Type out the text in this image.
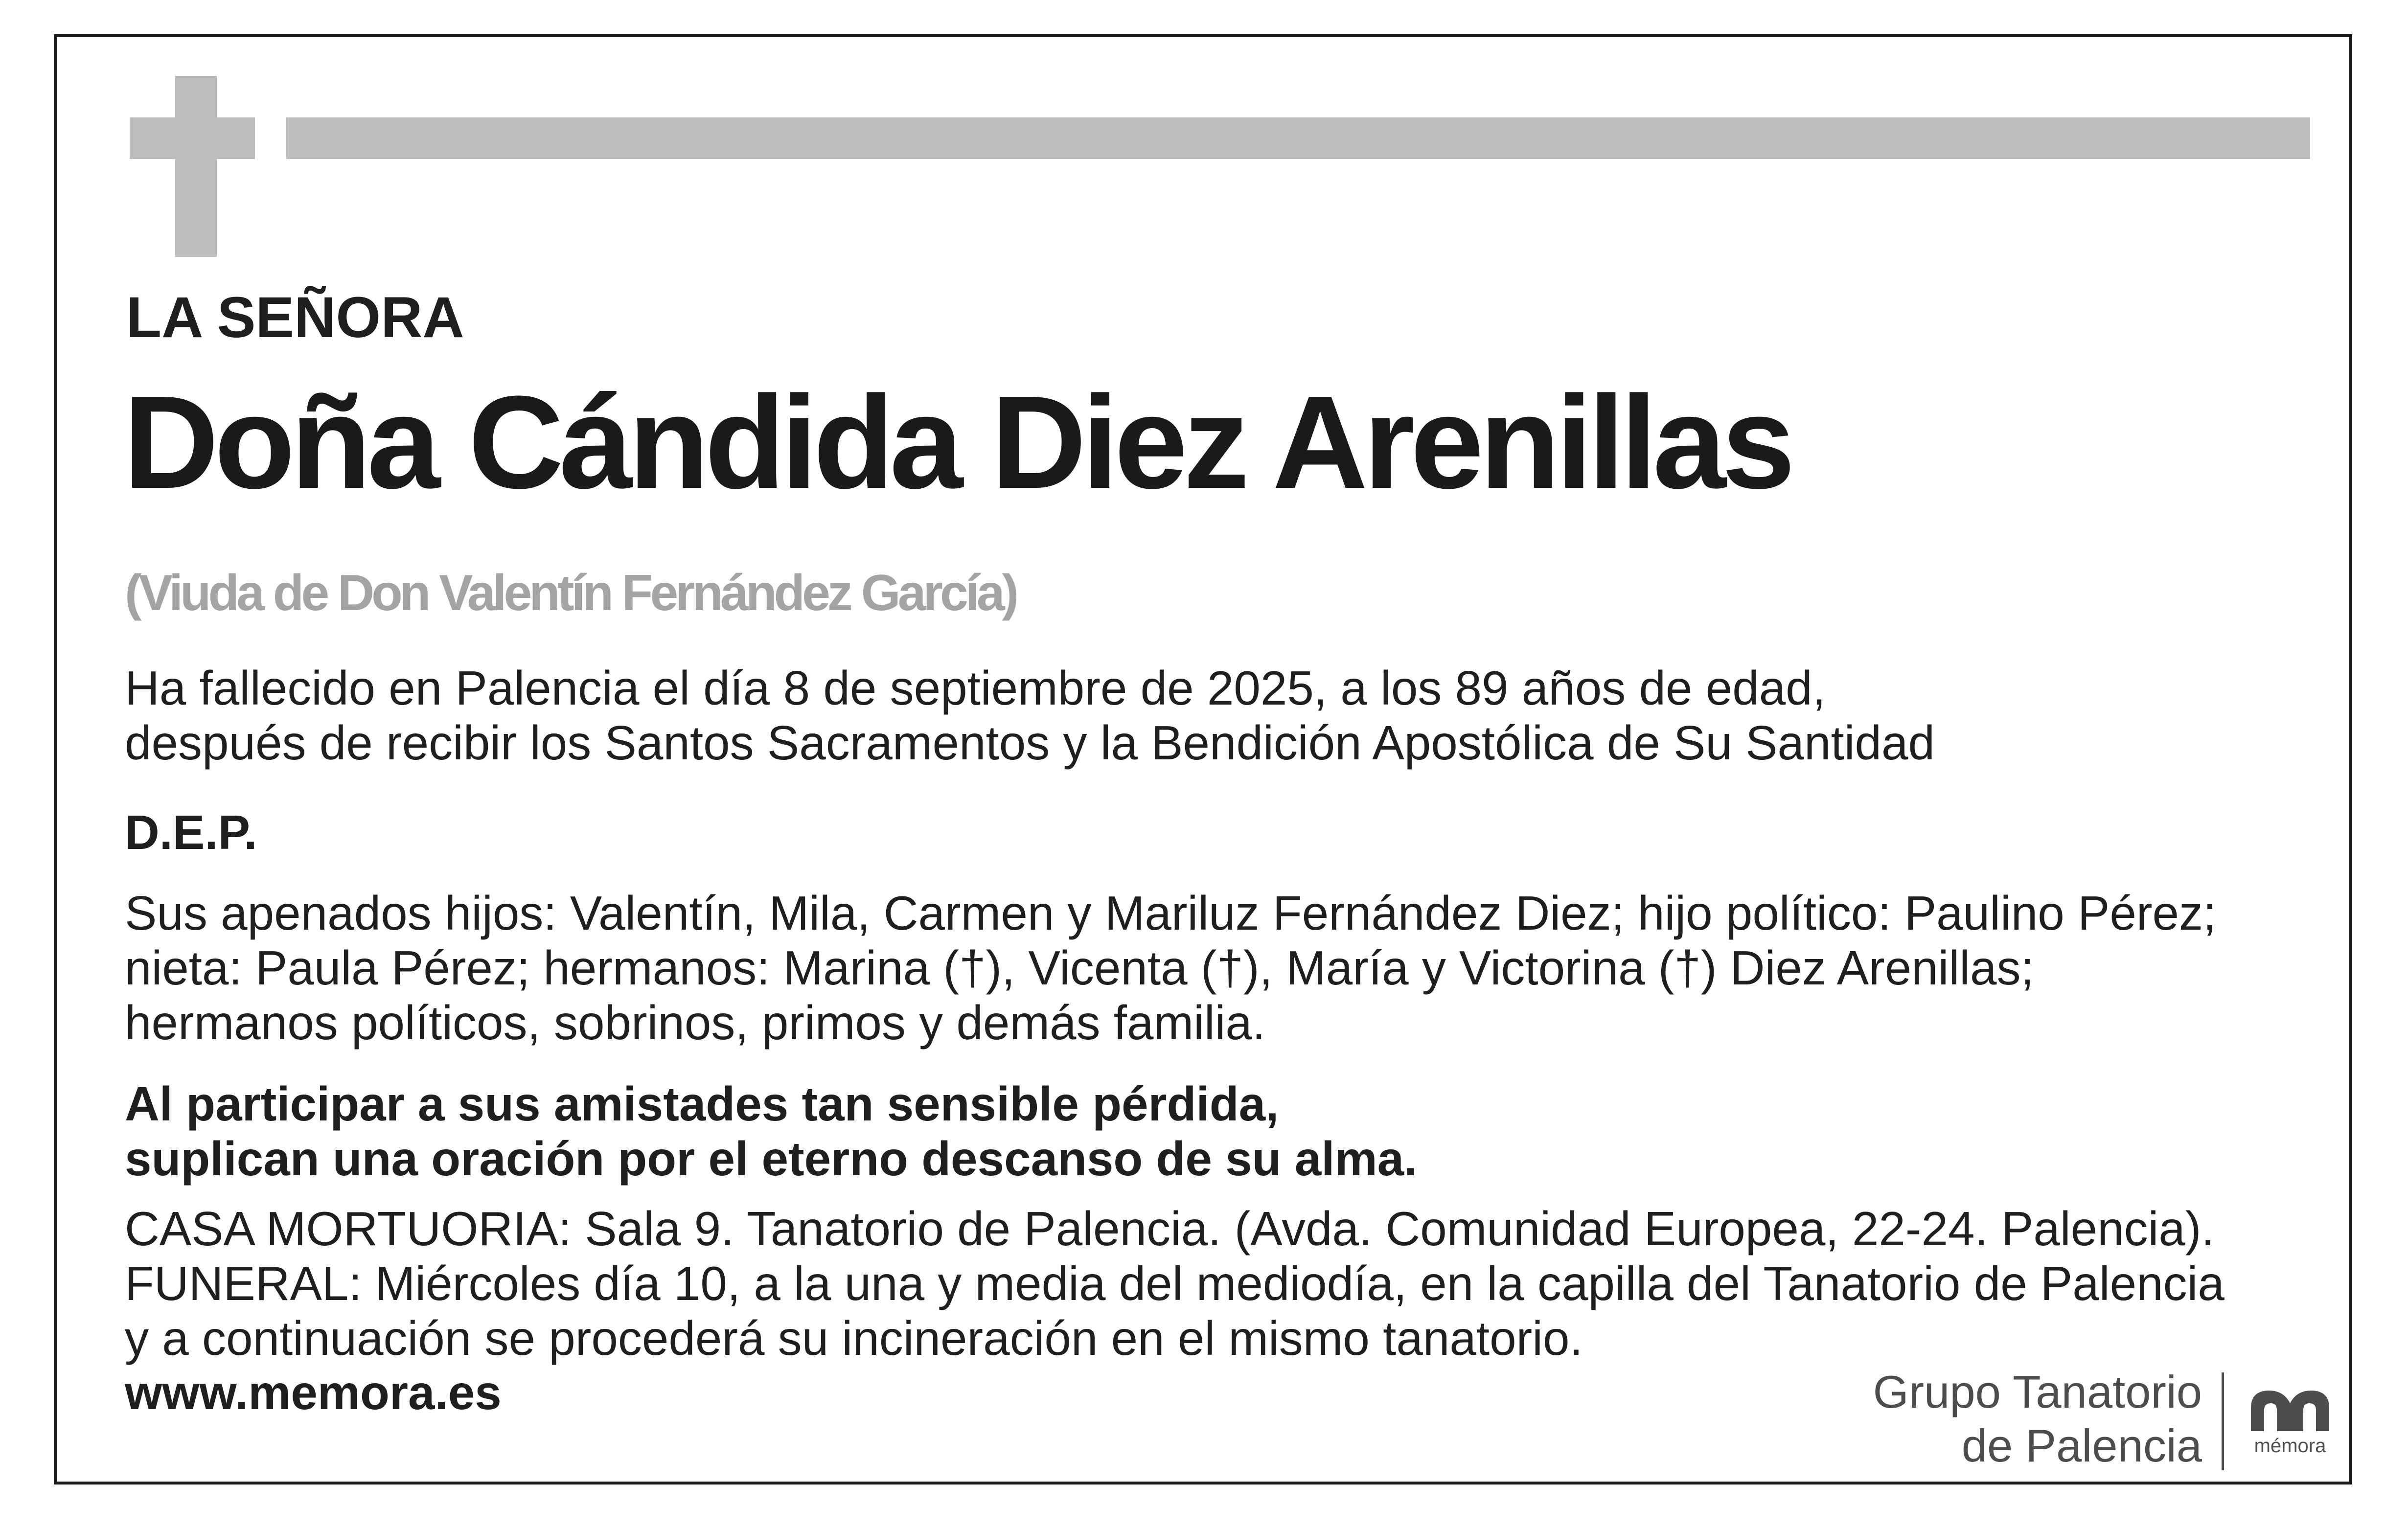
LA SEÑORA
Doña Cándida Diez Arenillas
(Viuda de Don Valentín Fernández García)
Ha fallecido en Palencia el día 8 de septiembre de 2025, a los 89 años de edad,
después de recibir los Santos Sacramentos y la Bendición Apostólica de Su Santidad
D.E.P.
Sus apenados hijos: Valentín, Mila, Carmen y Mariluz Fernández Diez; hijo político: Paulino Pérez;
nieta: Paula Pérez; hermanos: Marina (†), Vicenta (†), María y Victorina (†) Diez Arenillas;
hermanos políticos, sobrinos, primos y demás familia.
Al participar a sus amistades tan sensible pérdida,
suplican una oración por el eterno descanso de su alma.
CASA MORTUORIA: Sala 9. Tanatorio de Palencia. (Avda. Comunidad Europea, 22-24. Palencia).
FUNERAL: Miércoles día 10, a la una y media del mediodía, en la capilla del Tanatorio de Palencia
y a continuación se procederá su incineración en el mismo tanatorio.
www.memora.es	Grupo Tanatorio
de Palencia	mémora
